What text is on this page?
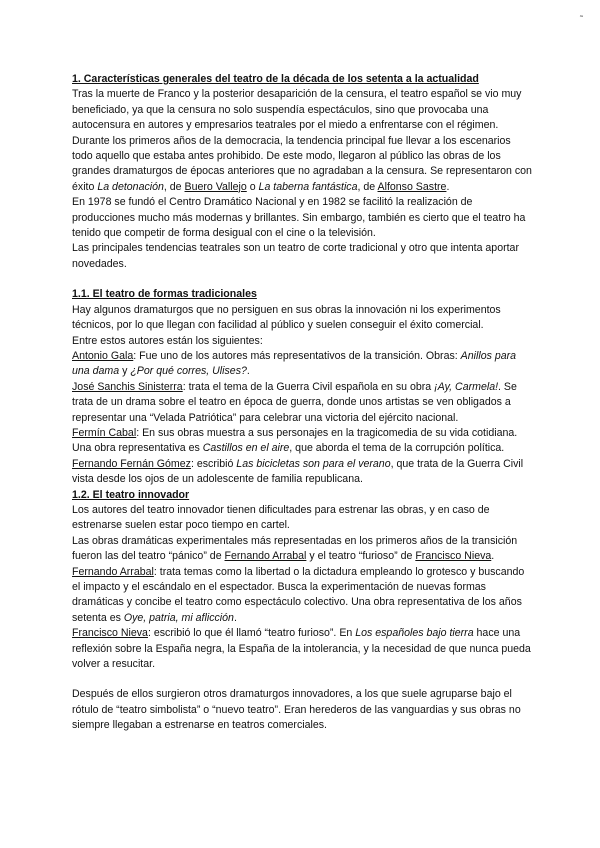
˜

1. Características generales del teatro de la década de los setenta a la actualidad

Tras la muerte de Franco y la posterior desaparición de la censura, el teatro español se vio muy beneficiado, ya que la censura no solo suspendía espectáculos, sino que provocaba una autocensura en autores y empresarios teatrales por el miedo a enfrentarse con el régimen.

Durante los primeros años de la democracia, la tendencia principal fue llevar a los escenarios todo aquello que estaba antes prohibido. De este modo, llegaron al público las obras de los grandes dramaturgos de épocas anteriores que no agradaban a la censura. Se representaron con éxito La detonación, de Buero Vallejo o La taberna fantástica, de Alfonso Sastre.

En 1978 se fundó el Centro Dramático Nacional y en 1982 se facilitó la realización de producciones mucho más modernas y brillantes. Sin embargo, también es cierto que el teatro ha tenido que competir de forma desigual con el cine o la televisión.

Las principales tendencias teatrales son un teatro de corte tradicional y otro que intenta aportar novedades.

1.1. El teatro de formas tradicionales

Hay algunos dramaturgos que no persiguen en sus obras la innovación ni los experimentos técnicos, por lo que llegan con facilidad al público y suelen conseguir el éxito comercial.

Entre estos autores están los siguientes:

Antonio Gala: Fue uno de los autores más representativos de la transición. Obras: Anillos para una dama y ¿Por qué corres, Ulises?.

José Sanchis Sinisterra: trata el tema de la Guerra Civil española en su obra ¡Ay, Carmela!. Se trata de un drama sobre el teatro en época de guerra, donde unos artistas se ven obligados a representar una “Velada Patriótica” para celebrar una victoria del ejército nacional.

Fermín Cabal: En sus obras muestra a sus personajes en la tragicomedia de su vida cotidiana. Una obra representativa es Castillos en el aire, que aborda el tema de la corrupción política.

Fernando Fernán Gómez: escribió Las bicicletas son para el verano, que trata de la Guerra Civil vista desde los ojos de un adolescente de familia republicana.

1.2. El teatro innovador

Los autores del teatro innovador tienen dificultades para estrenar las obras, y en caso de estrenarse suelen estar poco tiempo en cartel.

Las obras dramáticas experimentales más representadas en los primeros años de la transición fueron las del teatro “pánico” de Fernando Arrabal y el teatro “furioso” de Francisco Nieva.

Fernando Arrabal: trata temas como la libertad o la dictadura empleando lo grotesco y buscando el impacto y el escándalo en el espectador. Busca la experimentación de nuevas formas dramáticas y concibe el teatro como espectáculo colectivo. Una obra representativa de los años setenta es Oye, patria, mi aflicción.

Francisco Nieva: escribió lo que él llamó “teatro furioso”. En Los españoles bajo tierra hace una reflexión sobre la España negra, la España de la intolerancia, y la necesidad de que nunca pueda volver a resucitar.

Después de ellos surgieron otros dramaturgos innovadores, a los que suele agruparse bajo el rótulo de “teatro simbolista” o “nuevo teatro”. Eran herederos de las vanguardias y sus obras no siempre llegaban a estrenarse en teatros comerciales.
